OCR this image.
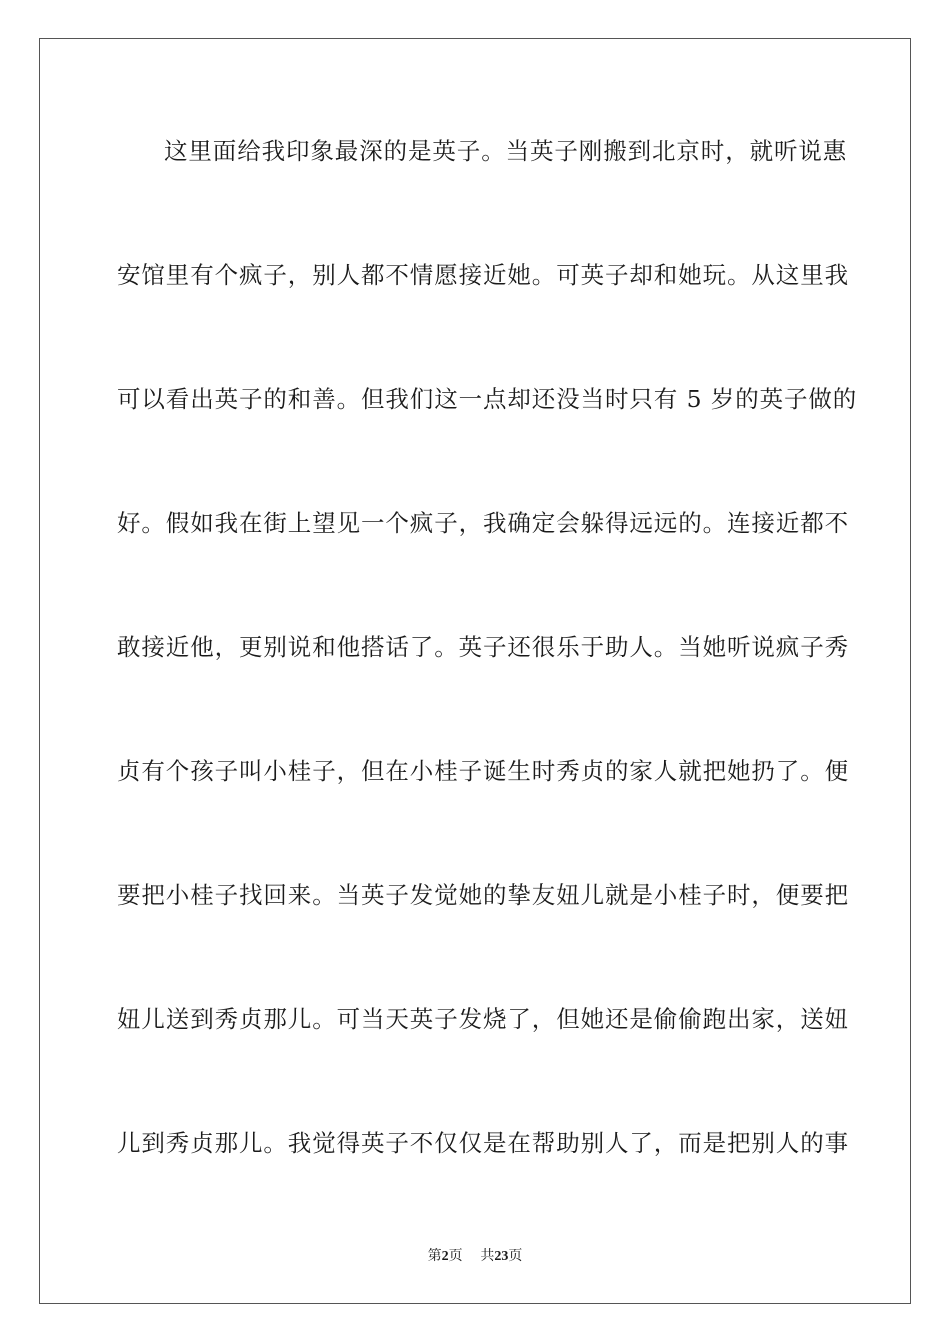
这里面给我印象最深的是英子。当英子刚搬到北京时，就听说惠
安馆里有个疯子，别人都不情愿接近她。可英子却和她玩。从这里我
可以看出英子的和善。但我们这一点却还没当时只有 5 岁的英子做的
好。假如我在街上望见一个疯子，我确定会躲得远远的。连接近都不
敢接近他，更别说和他搭话了。英子还很乐于助人。当她听说疯子秀
贞有个孩子叫小桂子，但在小桂子诞生时秀贞的家人就把她扔了。便
要把小桂子找回来。当英子发觉她的挚友妞儿就是小桂子时，便要把
妞儿送到秀贞那儿。可当天英子发烧了，但她还是偷偷跑出家，送妞
儿到秀贞那儿。我觉得英子不仅仅是在帮助别人了，而是把别人的事
第2页 共23页
